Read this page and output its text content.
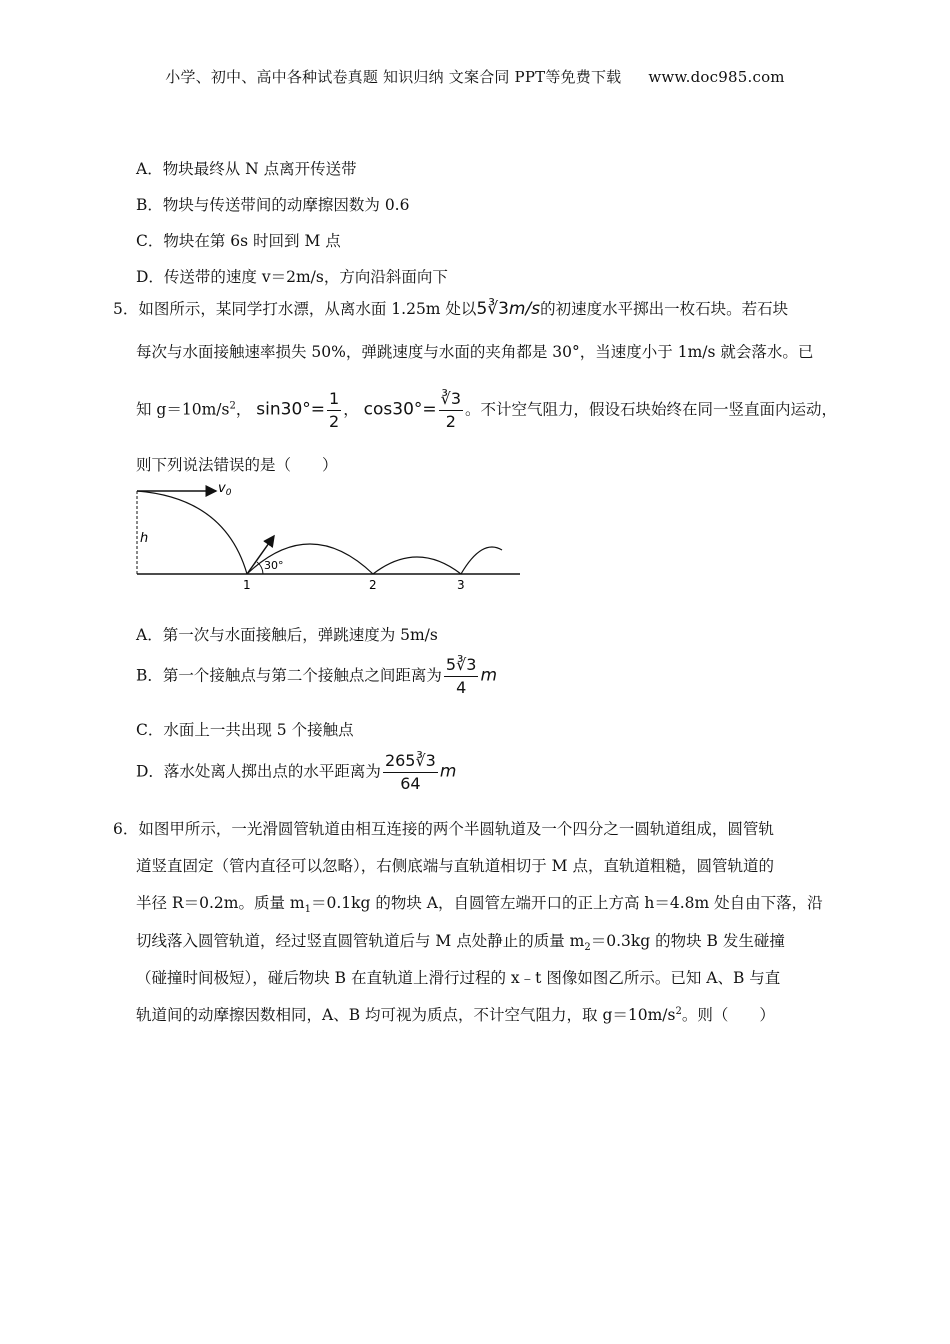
小学、初中、高中各种试卷真题 知识归纳 文案合同 PPT等免费下载 www.doc985.com
A．物块最终从 N 点离开传送带
B．物块与传送带间的动摩擦因数为 0.6
C．物块在第 6s 时回到 M 点
D．传送带的速度 v＝2m/s，方向沿斜面向下
5．如图所示，某同学打水漂，从离水面 1.25m 处以5∛3m/s的初速度水平掷出一枚石块。若石块
每次与水面接触速率损失 50%，弹跳速度与水面的夹角都是 30°，当速度小于 1m/s 就会落水。已
知 $g=10m/s^2$， $\sin 30^\circ= \frac{1}{2}$ ， $\cos 30^\circ= \frac{∛3}{2}$ 。不计空气阻力，假设石块始终在同一竖直面内运动，
则下列说法错误的是（　　）
$v_0$
h
30°
1	2	3
A．第一次与水面接触后，弹跳速度为 5m/s
B．第一个接触点与第二个接触点之间距离为 $\frac{5∛3}{4}$ m
C．水面上一共出现 5 个接触点
D．落水处离人掷出点的水平距离为 $\frac{265∛3}{64}$ m
6．如图甲所示，一光滑圆管轨道由相互连接的两个半圆轨道及一个四分之一圆轨道组成，圆管轨
道竖直固定（管内直径可以忽略），右侧底端与直轨道相切于 M 点，直轨道粗糙，圆管轨道的
半径 R＝0.2m。质量 $m_1=0.1kg$ 的物块 A，自圆管左端开口的正上方高 h＝4.8m 处自由下落，沿
切线落入圆管轨道，经过竖直圆管轨道后与 M 点处静止的质量 $m_2=0.3kg$ 的物块 B 发生碰撞
（碰撞时间极短），碰后物块 B 在直轨道上滑行过程的 x﹣t 图像如图乙所示。已知 A、B 与直
轨道间的动摩擦因数相同，A、B 均可视为质点，不计空气阻力，取 $g=10m/s^2$。则（　　）
